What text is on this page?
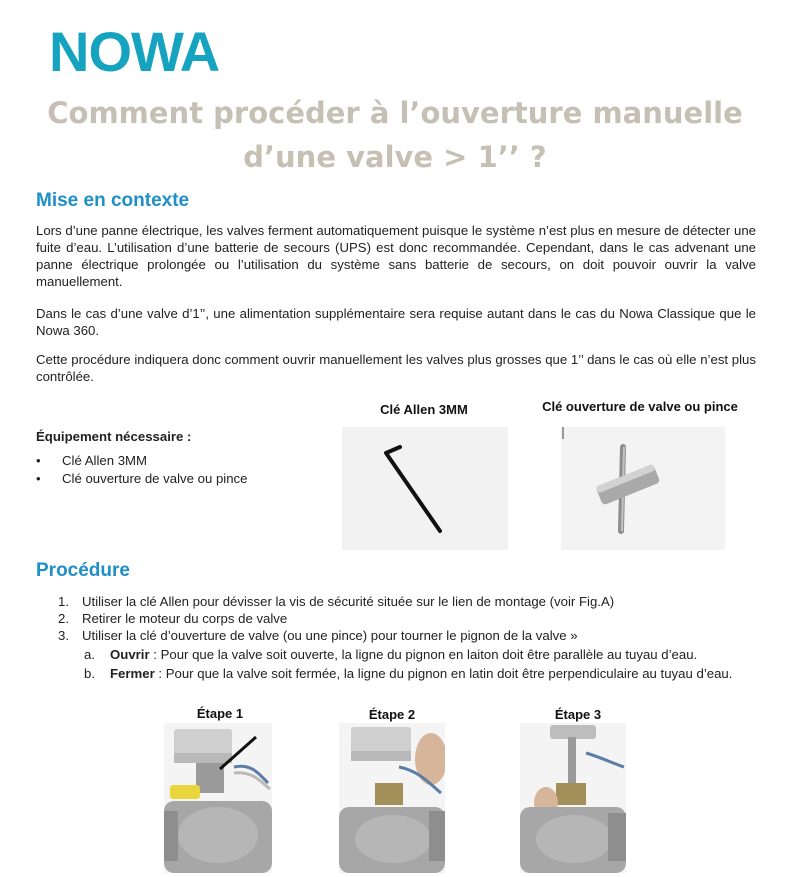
NOWA
Comment procéder à l’ouverture manuelle
d’une valve > 1’’ ?
Mise en contexte
Lors d’une panne électrique, les valves ferment automatiquement puisque le système n’est plus en mesure de détecter une fuite d’eau. L’utilisation d’une batterie de secours (UPS) est donc recommandée. Cependant, dans le cas advenant une panne électrique prolongée ou l’utilisation du système sans batterie de secours, on doit pouvoir ouvrir la valve manuellement.
Dans le cas d’une valve d’1’’, une alimentation supplémentaire sera requise autant dans le cas du Nowa Classique que le Nowa 360.
Cette procédure indiquera donc comment ouvrir manuellement les valves plus grosses que 1’’ dans le cas où elle n’est plus contrôlée.
Clé Allen 3MM	Clé ouverture de valve ou pince
Équipement nécessaire :
• Clé Allen 3MM
• Clé ouverture de valve ou pince
Procédure
1. Utiliser la clé Allen pour dévisser la vis de sécurité située sur le lien de montage (voir Fig.A)
2. Retirer le moteur du corps de valve
3. Utiliser la clé d’ouverture de valve (ou une pince) pour tourner le pignon de la valve »
a. Ouvrir : Pour que la valve soit ouverte, la ligne du pignon en laiton doit être parallèle au tuyau d’eau.
b. Fermer : Pour que la valve soit fermée, la ligne du pignon en latin doit être perpendiculaire au tuyau d’eau.
Étape 1	Étape 2	Étape 3
